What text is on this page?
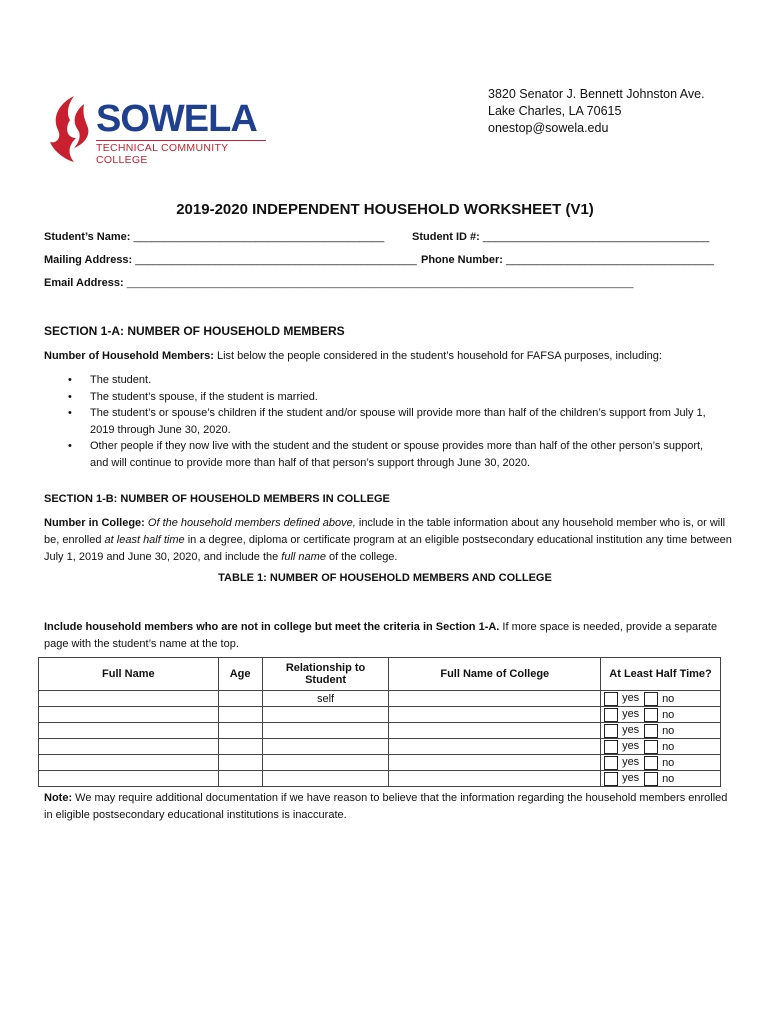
SOWELA
TECHNICAL COMMUNITY COLLEGE
3820 Senator J. Bennett Johnston Ave.
Lake Charles, LA 70615
onestop@sowela.edu
2019-2020 INDEPENDENT HOUSEHOLD WORKSHEET (V1)
Student’s Name: _________________________________________	Student ID #: _____________________________________
Mailing Address: ______________________________________________ Phone Number: __________________________________
Email Address: __________________________________________________________________________________________________
SECTION 1-A: NUMBER OF HOUSEHOLD MEMBERS
Number of Household Members: List below the people considered in the student’s household for FAFSA purposes, including:
• The student.
• The student’s spouse, if the student is married.
• The student’s or spouse’s children if the student and/or spouse will provide more than half of the children’s support from July 1, 2019 through June 30, 2020.
• Other people if they now live with the student and the student or spouse provides more than half of the other person’s support, and will continue to provide more than half of that person’s support through June 30, 2020.
SECTION 1-B: NUMBER OF HOUSEHOLD MEMBERS IN COLLEGE
Number in College: Of the household members defined above, include in the table information about any household member who is, or will be, enrolled at least half time in a degree, diploma or certificate program at an eligible postsecondary educational institution any time between July 1, 2019 and June 30, 2020, and include the full name of the college.
TABLE 1: NUMBER OF HOUSEHOLD MEMBERS AND COLLEGE
Include household members who are not in college but meet the criteria in Section 1-A. If more space is needed, provide a separate page with the student’s name at the top.
Full Name	Age	Relationship to Student	Full Name of College	At Least Half Time?
		self		yes no
				yes no
				yes no
				yes no
				yes no
				yes no
Note: We may require additional documentation if we have reason to believe that the information regarding the household members enrolled in eligible postsecondary educational institutions is inaccurate.
